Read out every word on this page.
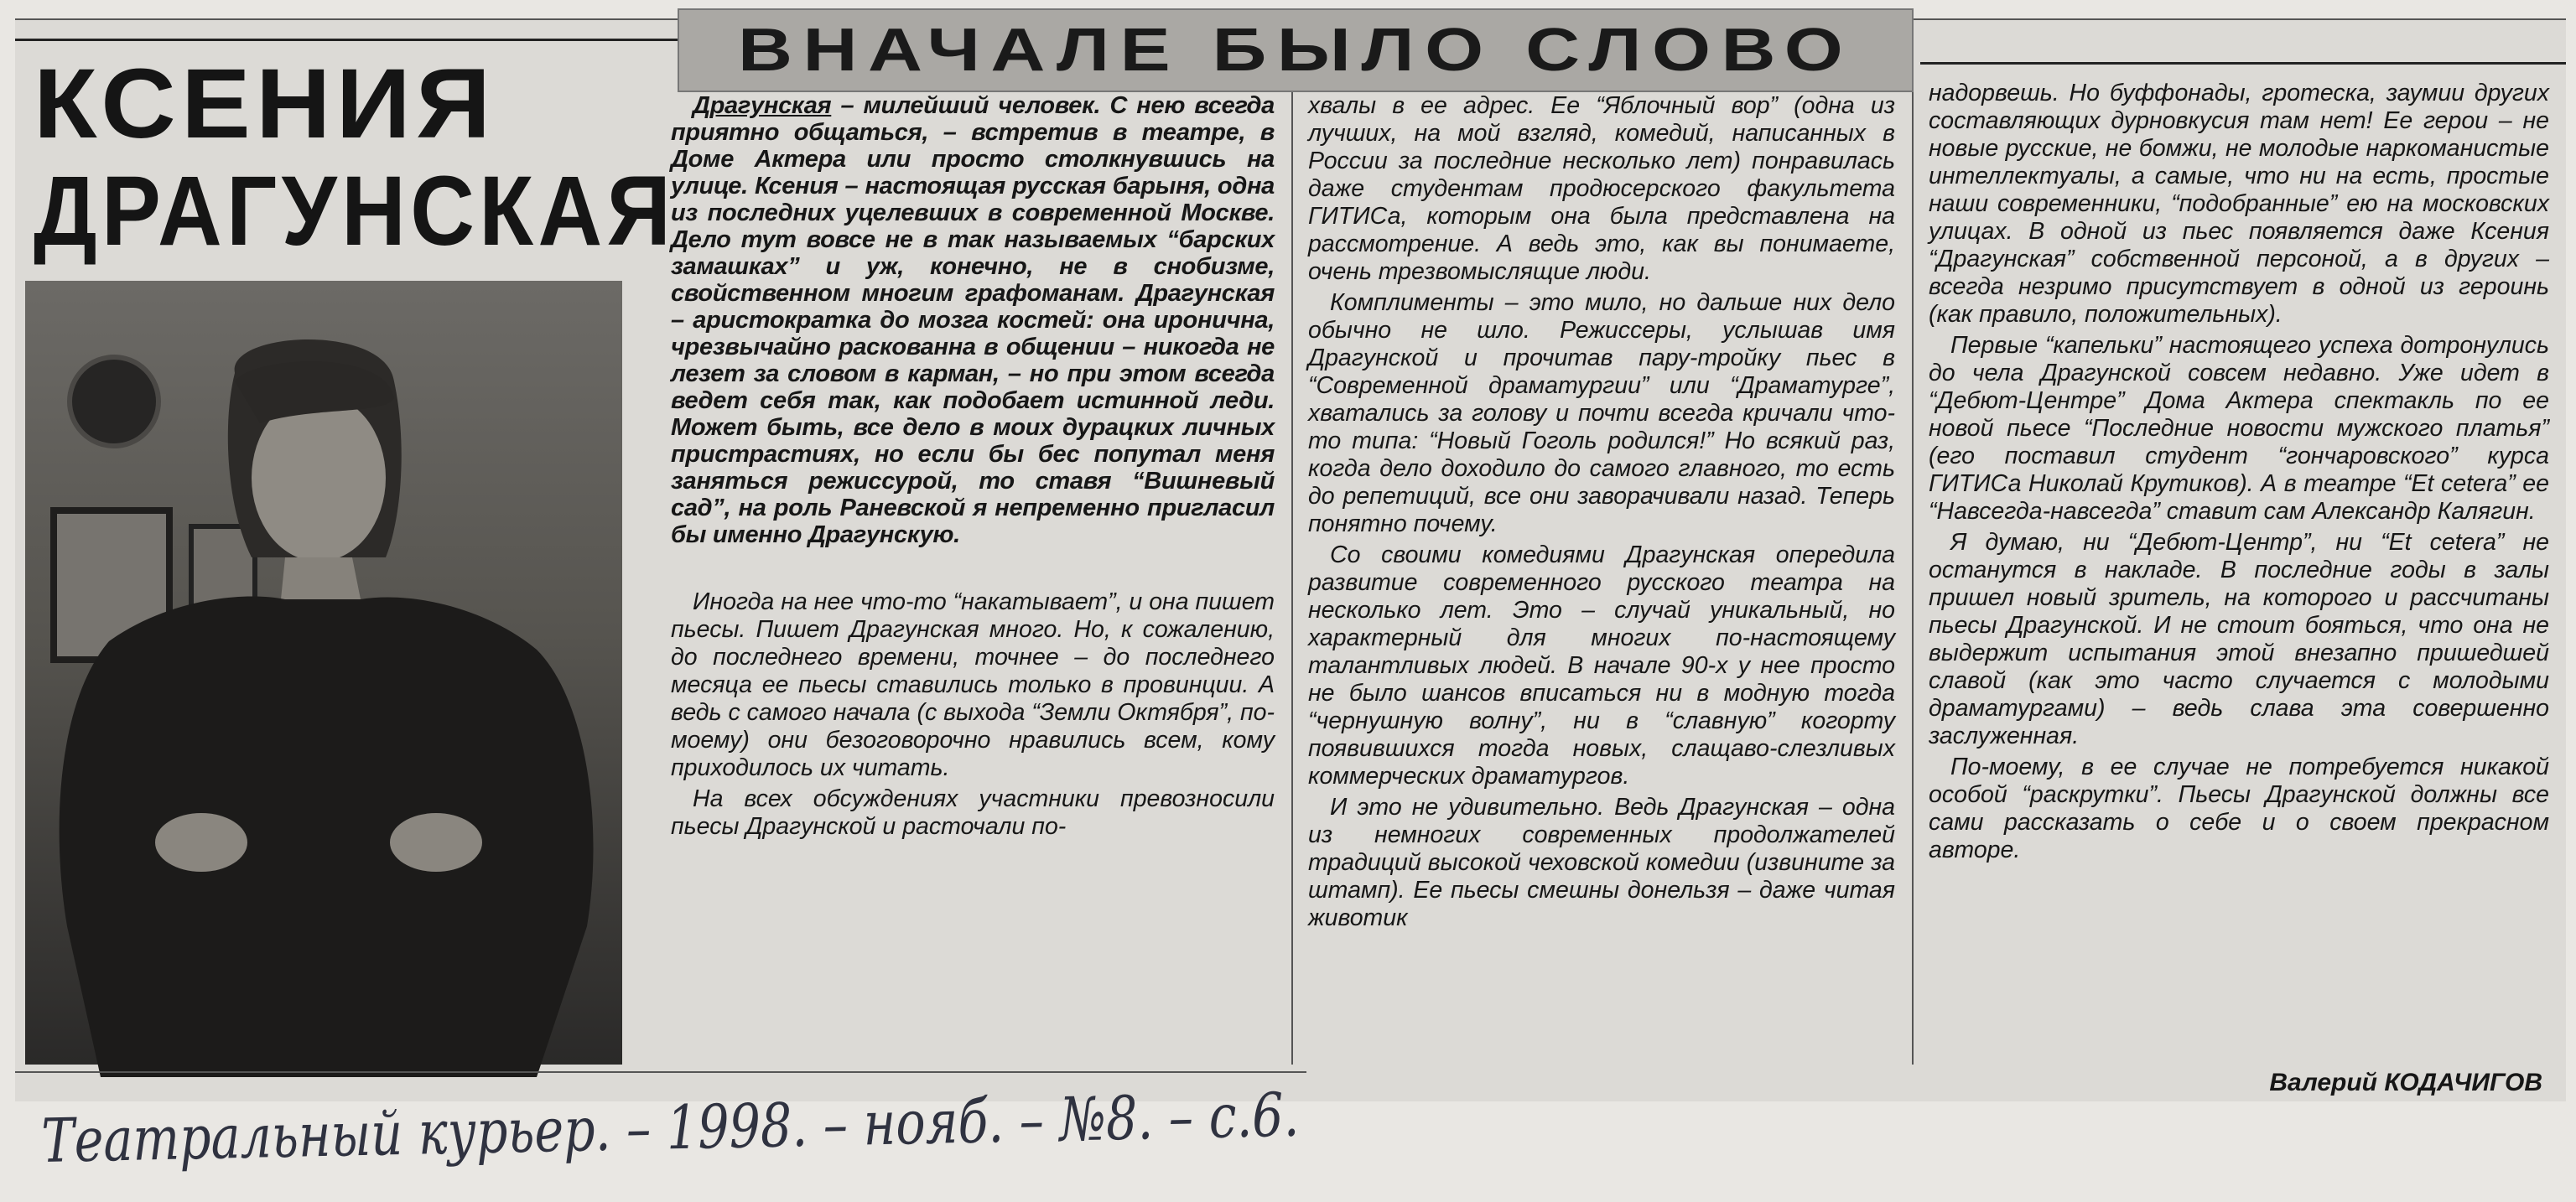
ВНАЧАЛЕ БЫЛО СЛОВО
КСЕНИЯ
ДРАГУНСКАЯ

Драгунская – милейший человек. С нею всегда приятно общаться, – встретив в театре, в Доме Актера или просто столкнувшись на улице. Ксения – настоящая русская барыня, одна из последних уцелевших в современной Москве. Дело тут вовсе не в так называемых “барских замашках” и уж, конечно, не в снобизме, свойственном многим графоманам. Драгунская – аристократка до мозга костей: она иронична, чрезвычайно раскованна в общении – никогда не лезет за словом в карман, – но при этом всегда ведет себя так, как подобает истинной леди. Может быть, все дело в моих дурацких личных пристрастиях, но если бы бес попутал меня заняться режиссурой, то ставя “Вишневый сад”, на роль Раневской я непременно пригласил бы именно Драгунскую.

Иногда на нее что-то “накатывает”, и она пишет пьесы. Пишет Драгунская много. Но, к сожалению, до последнего времени, точнее – до последнего месяца ее пьесы ставились только в провинции. А ведь с самого начала (с выхода “Земли Октября”, по-моему) они безоговорочно нравились всем, кому приходилось их читать.

На всех обсуждениях участники превозносили пьесы Драгунской и расточали по-

хвалы в ее адрес. Ее “Яблочный вор” (одна из лучших, на мой взгляд, комедий, написанных в России за последние несколько лет) понравилась даже студентам продюсерского факультета ГИТИСа, которым она была представлена на рассмотрение. А ведь это, как вы понимаете, очень трезвомыслящие люди.

Комплименты – это мило, но дальше них дело обычно не шло. Режиссеры, услышав имя Драгунской и прочитав пару-тройку пьес в “Современной драматургии” или “Драматурге”, хватались за голову и почти всегда кричали что-то типа: “Новый Гоголь родился!” Но всякий раз, когда дело доходило до самого главного, то есть до репетиций, все они заворачивали назад. Теперь понятно почему.

Со своими комедиями Драгунская опередила развитие современного русского театра на несколько лет. Это – случай уникальный, но характерный для многих по-настоящему талантливых людей. В начале 90-х у нее просто не было шансов вписаться ни в модную тогда “чернушную волну”, ни в “славную” когорту появившихся тогда новых, слащаво-слезливых коммерческих драматургов.

И это не удивительно. Ведь Драгунская – одна из немногих современных продолжателей традиций высокой чеховской комедии (извините за штамп). Ее пьесы смешны донельзя – даже читая животик

надорвешь. Но буффонады, гротеска, заумии других составляющих дурновкусия там нет! Ее герои – не новые русские, не бомжи, не молодые наркоманистые интеллектуалы, а самые, что ни на есть, простые наши современники, “подобранные” ею на московских улицах. В одной из пьес появляется даже Ксения “Драгунская” собственной персоной, а в других – всегда незримо присутствует в одной из героинь (как правило, положительных).

Первые “капельки” настоящего успеха дотронулись до чела Драгунской совсем недавно. Уже идет в “Дебют-Центре” Дома Актера спектакль по ее новой пьесе “Последние новости мужского платья” (его поставил студент “гончаровского” курса ГИТИСа Николай Крутиков). А в театре “Et cetera” ее “Навсегда-навсегда” ставит сам Александр Калягин.

Я думаю, ни “Дебют-Центр”, ни “Et cetera” не останутся в накладе. В последние годы в залы пришел новый зритель, на которого и рассчитаны пьесы Драгунской. И не стоит бояться, что она не выдержит испытания этой внезапно пришедшей славой (как это часто случается с молодыми драматургами) – ведь слава эта совершенно заслуженная.

По-моему, в ее случае не потребуется никакой особой “раскрутки”. Пьесы Драгунской должны все сами рассказать о себе и о своем прекрасном авторе.

Валерий КОДАЧИГОВ
Театральный курьер. – 1998. – нояб. – №8. – с.6.
